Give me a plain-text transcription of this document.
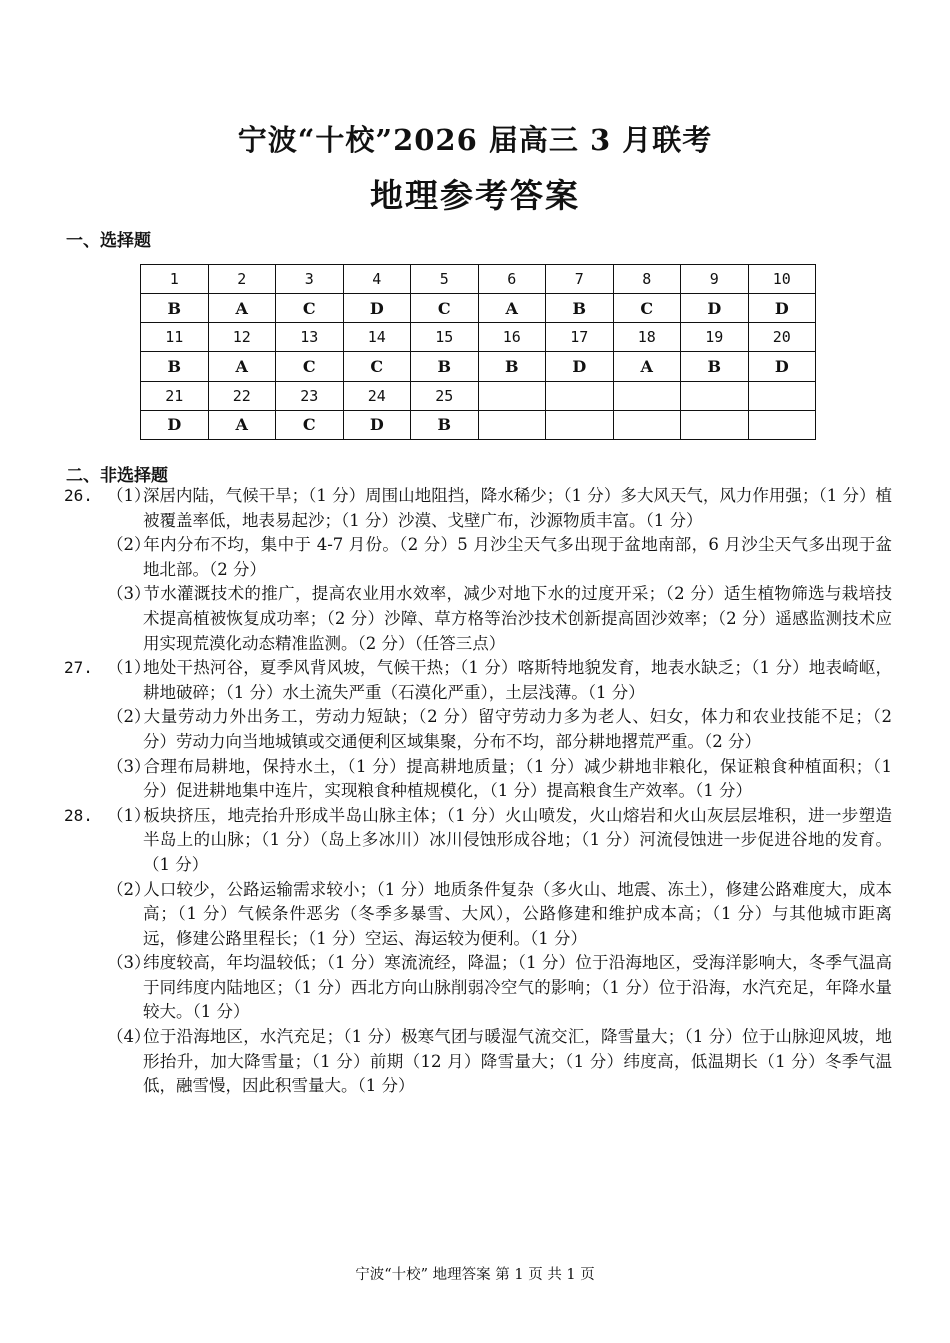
宁波“十校”2026 届高三 3 月联考
地理参考答案
一、选择题
1	2	3	4	5	6	7	8	9	10
B	A	C	D	C	A	B	C	D	D
11	12	13	14	15	16	17	18	19	20
B	A	C	C	B	B	D	A	B	D
21	22	23	24	25					
D	A	C	D	B					
二、非选择题
26. （1）深居内陆，气候干旱；（1 分）周围山地阻挡，降水稀少；（1 分）多大风天气，风力作用强；（1 分）植被覆盖率低，地表易起沙；（1 分）沙漠、戈壁广布，沙源物质丰富。（1 分）
（2）年内分布不均，集中于 4-7 月份。（2 分）5 月沙尘天气多出现于盆地南部，6 月沙尘天气多出现于盆地北部。（2 分）
（3）节水灌溉技术的推广，提高农业用水效率，减少对地下水的过度开采；（2 分）适生植物筛选与栽培技术提高植被恢复成功率；（2 分）沙障、草方格等治沙技术创新提高固沙效率；（2 分）遥感监测技术应用实现荒漠化动态精准监测。（2 分）（任答三点）
27. （1）地处干热河谷，夏季风背风坡，气候干热；（1 分）喀斯特地貌发育，地表水缺乏；（1 分）地表崎岖，耕地破碎；（1 分）水土流失严重（石漠化严重），土层浅薄。（1 分）
（2）大量劳动力外出务工，劳动力短缺；（2 分）留守劳动力多为老人、妇女，体力和农业技能不足；（2 分）劳动力向当地城镇或交通便利区域集聚，分布不均，部分耕地撂荒严重。（2 分）
（3）合理布局耕地，保持水土，（1 分）提高耕地质量；（1 分）减少耕地非粮化，保证粮食种植面积；（1 分）促进耕地集中连片，实现粮食种植规模化，（1 分）提高粮食生产效率。（1 分）
28. （1）板块挤压，地壳抬升形成半岛山脉主体；（1 分）火山喷发，火山熔岩和火山灰层层堆积，进一步塑造半岛上的山脉；（1 分）（岛上多冰川）冰川侵蚀形成谷地；（1 分）河流侵蚀进一步促进谷地的发育。（1 分）
（2）人口较少，公路运输需求较小；（1 分）地质条件复杂（多火山、地震、冻土），修建公路难度大，成本高；（1 分）气候条件恶劣（冬季多暴雪、大风），公路修建和维护成本高；（1 分）与其他城市距离远，修建公路里程长；（1 分）空运、海运较为便利。（1 分）
（3）纬度较高，年均温较低；（1 分）寒流流经，降温；（1 分）位于沿海地区，受海洋影响大，冬季气温高于同纬度内陆地区；（1 分）西北方向山脉削弱冷空气的影响；（1 分）位于沿海，水汽充足，年降水量较大。（1 分）
（4）位于沿海地区，水汽充足；（1 分）极寒气团与暖湿气流交汇，降雪量大；（1 分）位于山脉迎风坡，地形抬升，加大降雪量；（1 分）前期（12 月）降雪量大；（1 分）纬度高，低温期长（1 分）冬季气温低，融雪慢，因此积雪量大。（1 分）
宁波“十校” 地理答案 第 1 页 共 1 页
